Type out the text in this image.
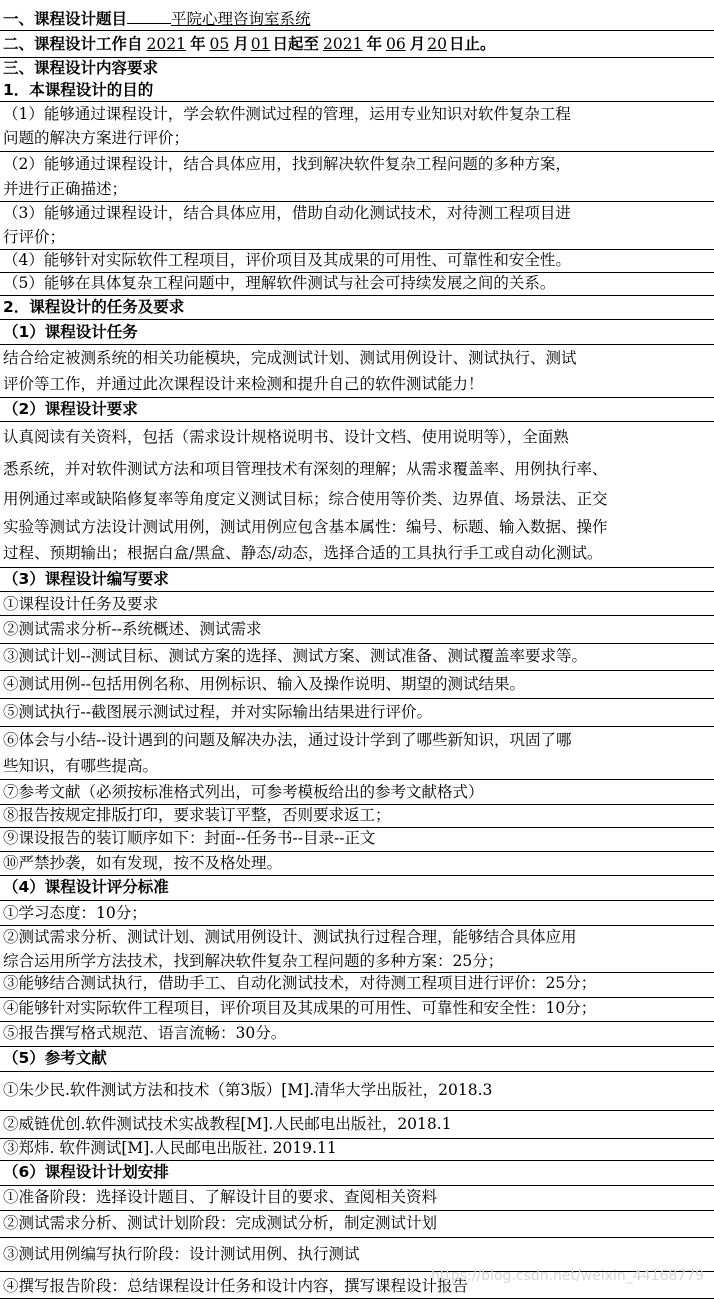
一、课程设计题目	平院心理咨询室系统
二、课程设计工作自 2021 年 05 月 01 日起至 2021 年 06 月 20 日止。
三、课程设计内容要求
1．本课程设计的目的
（1）能够通过课程设计，学会软件测试过程的管理，运用专业知识对软件复杂工程
问题的解决方案进行评价；
（2）能够通过课程设计，结合具体应用，找到解决软件复杂工程问题的多种方案，
并进行正确描述；
（3）能够通过课程设计，结合具体应用，借助自动化测试技术，对待测工程项目进
行评价；
（4）能够针对实际软件工程项目，评价项目及其成果的可用性、可靠性和安全性。
（5）能够在具体复杂工程问题中，理解软件测试与社会可持续发展之间的关系。
2．课程设计的任务及要求
（1）课程设计任务
结合给定被测系统的相关功能模块，完成测试计划、测试用例设计、测试执行、测试
评价等工作，并通过此次课程设计来检测和提升自己的软件测试能力！
（2）课程设计要求
认真阅读有关资料，包括（需求设计规格说明书、设计文档、使用说明等），全面熟
悉系统，并对软件测试方法和项目管理技术有深刻的理解；从需求覆盖率、用例执行率、
用例通过率或缺陷修复率等角度定义测试目标；综合使用等价类、边界值、场景法、正交
实验等测试方法设计测试用例，测试用例应包含基本属性：编号、标题、输入数据、操作
过程、预期输出；根据白盒/黑盒、静态/动态，选择合适的工具执行手工或自动化测试。
（3）课程设计编写要求
①课程设计任务及要求
②测试需求分析--系统概述、测试需求
③测试计划--测试目标、测试方案的选择、测试方案、测试准备、测试覆盖率要求等。
④测试用例--包括用例名称、用例标识、输入及操作说明、期望的测试结果。
⑤测试执行--截图展示测试过程，并对实际输出结果进行评价。
⑥体会与小结--设计遇到的问题及解决办法，通过设计学到了哪些新知识，巩固了哪
些知识，有哪些提高。
⑦参考文献（必须按标准格式列出，可参考模板给出的参考文献格式）
⑧报告按规定排版打印，要求装订平整，否则要求返工；
⑨课设报告的装订顺序如下：封面--任务书--目录--正文
⑩严禁抄袭，如有发现，按不及格处理。
（4）课程设计评分标准
①学习态度：10分；
②测试需求分析、测试计划、测试用例设计、测试执行过程合理，能够结合具体应用
综合运用所学方法技术，找到解决软件复杂工程问题的多种方案：25分；
③能够结合测试执行，借助手工、自动化测试技术，对待测工程项目进行评价：25分；
④能够针对实际软件工程项目，评价项目及其成果的可用性、可靠性和安全性：10分；
⑤报告撰写格式规范、语言流畅：30分。
（5）参考文献
①朱少民.软件测试方法和技术（第3版）[M].清华大学出版社，2018.3
②威链优创.软件测试技术实战教程[M].人民邮电出版社，2018.1
③郑炜. 软件测试[M].人民邮电出版社. 2019.11
（6）课程设计计划安排
①准备阶段：选择设计题目、了解设计目的要求、查阅相关资料
②测试需求分析、测试计划阶段：完成测试分析，制定测试计划
③测试用例编写执行阶段：设计测试用例、执行测试
④撰写报告阶段：总结课程设计任务和设计内容，撰写课程设计报告
https://blog.csdn.net/weixin_44168779
